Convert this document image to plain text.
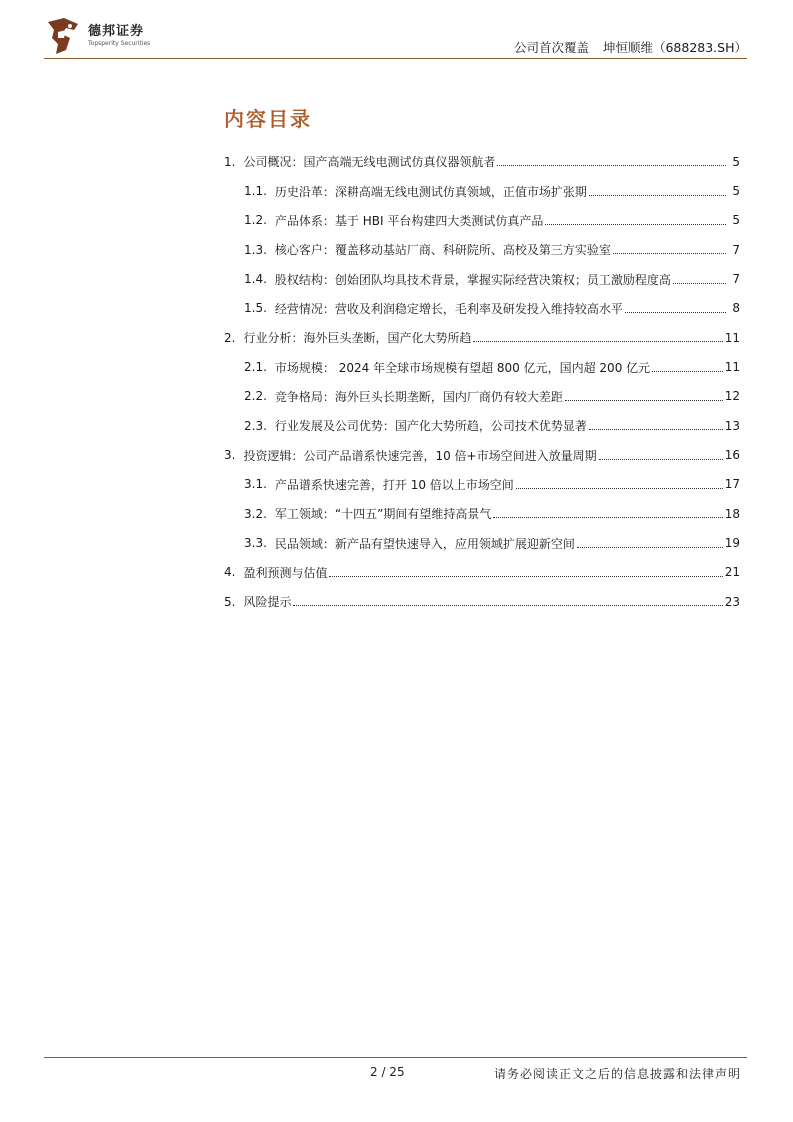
德邦证券
Topsperity Securities	公司首次覆盖 坤恒顺维（688283.SH）
内容目录
1. 公司概况：国产高端无线电测试仿真仪器领航者	5
1.1. 历史沿革：深耕高端无线电测试仿真领域，正值市场扩张期	5
1.2. 产品体系：基于 HBI 平台构建四大类测试仿真产品	5
1.3. 核心客户：覆盖移动基站厂商、科研院所、高校及第三方实验室	7
1.4. 股权结构：创始团队均具技术背景，掌握实际经营决策权；员工激励程度高	7
1.5. 经营情况：营收及利润稳定增长，毛利率及研发投入维持较高水平	8
2. 行业分析：海外巨头垄断，国产化大势所趋	11
2.1. 市场规模： 2024 年全球市场规模有望超 800 亿元，国内超 200 亿元	11
2.2. 竞争格局：海外巨头长期垄断，国内厂商仍有较大差距	12
2.3. 行业发展及公司优势：国产化大势所趋，公司技术优势显著	13
3. 投资逻辑：公司产品谱系快速完善，10 倍+市场空间进入放量周期	16
3.1. 产品谱系快速完善，打开 10 倍以上市场空间	17
3.2. 军工领域：“十四五”期间有望维持高景气	18
3.3. 民品领域：新产品有望快速导入，应用领域扩展迎新空间	19
4. 盈利预测与估值	21
5. 风险提示	23
2 / 25	请务必阅读正文之后的信息披露和法律声明
